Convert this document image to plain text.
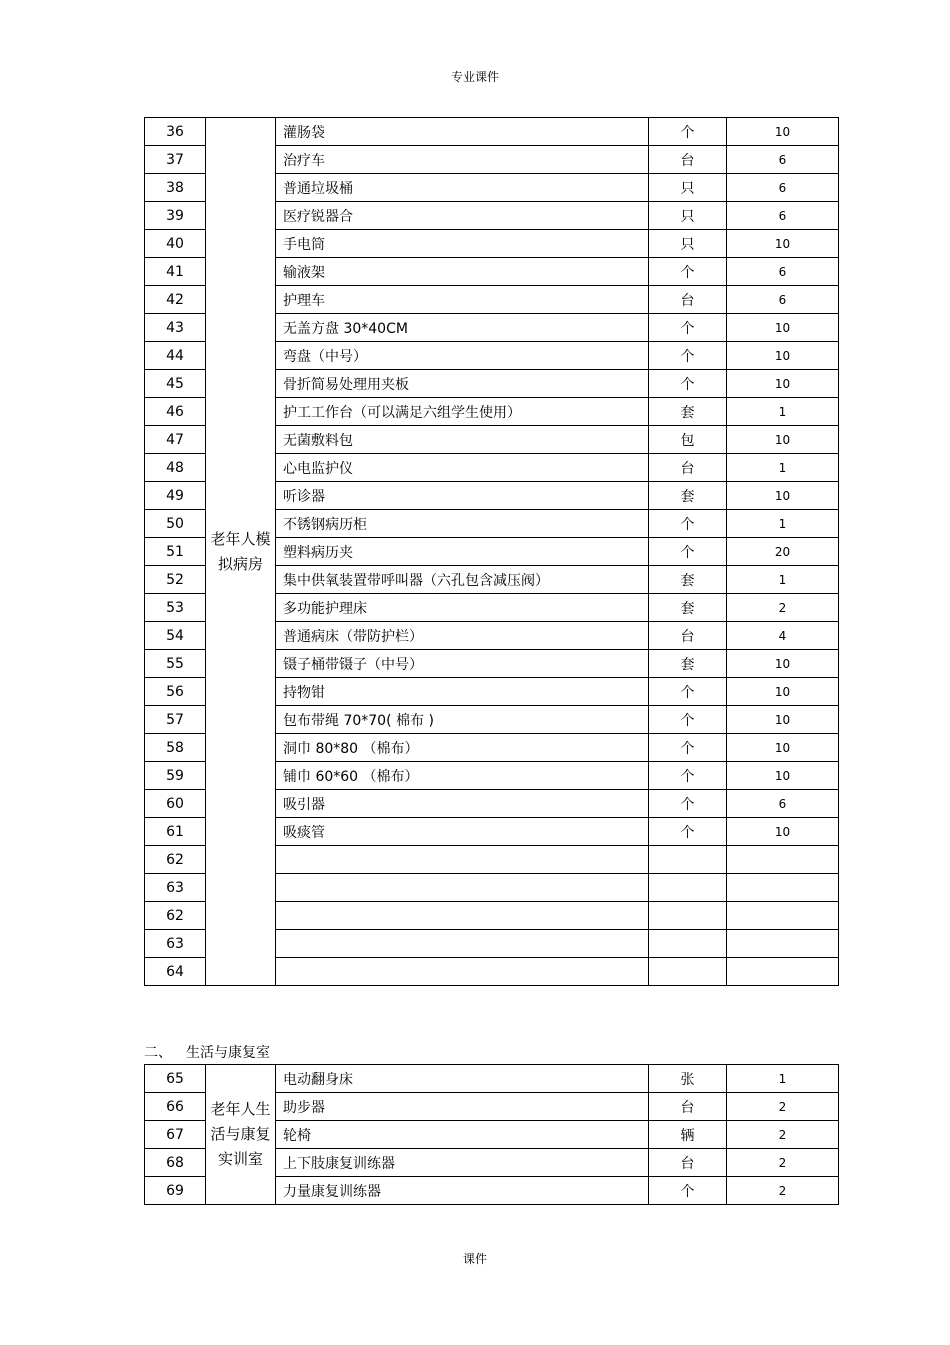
专业课件
36	老年人模拟病房	灌肠袋	个	10
37		治疗车	台	6
38		普通垃圾桶	只	6
39		医疗锐器合	只	6
40		手电筒	只	10
41		输液架	个	6
42		护理车	台	6
43		无盖方盘 30*40CM	个	10
44		弯盘（中号）	个	10
45		骨折简易处理用夹板	个	10
46		护工工作台（可以满足六组学生使用）	套	1
47		无菌敷料包	包	10
48		心电监护仪	台	1
49		听诊器	套	10
50		不锈钢病历柜	个	1
51		塑料病历夹	个	20
52		集中供氧装置带呼叫器（六孔包含减压阀）	套	1
53		多功能护理床	套	2
54		普通病床（带防护栏）	台	4
55		镊子桶带镊子（中号）	套	10
56		持物钳	个	10
57		包布带绳 70*70( 棉布 )	个	10
58		洞巾 80*80 （棉布）	个	10
59		铺巾 60*60 （棉布）	个	10
60		吸引器	个	6
61		吸痰管	个	10
62				
63				
62				
63				
64				
二、 生活与康复室
65	老年人生活与康复实训室	电动翻身床	张	1
66		助步器	台	2
67		轮椅	辆	2
68		上下肢康复训练器	台	2
69		力量康复训练器	个	2
课件
